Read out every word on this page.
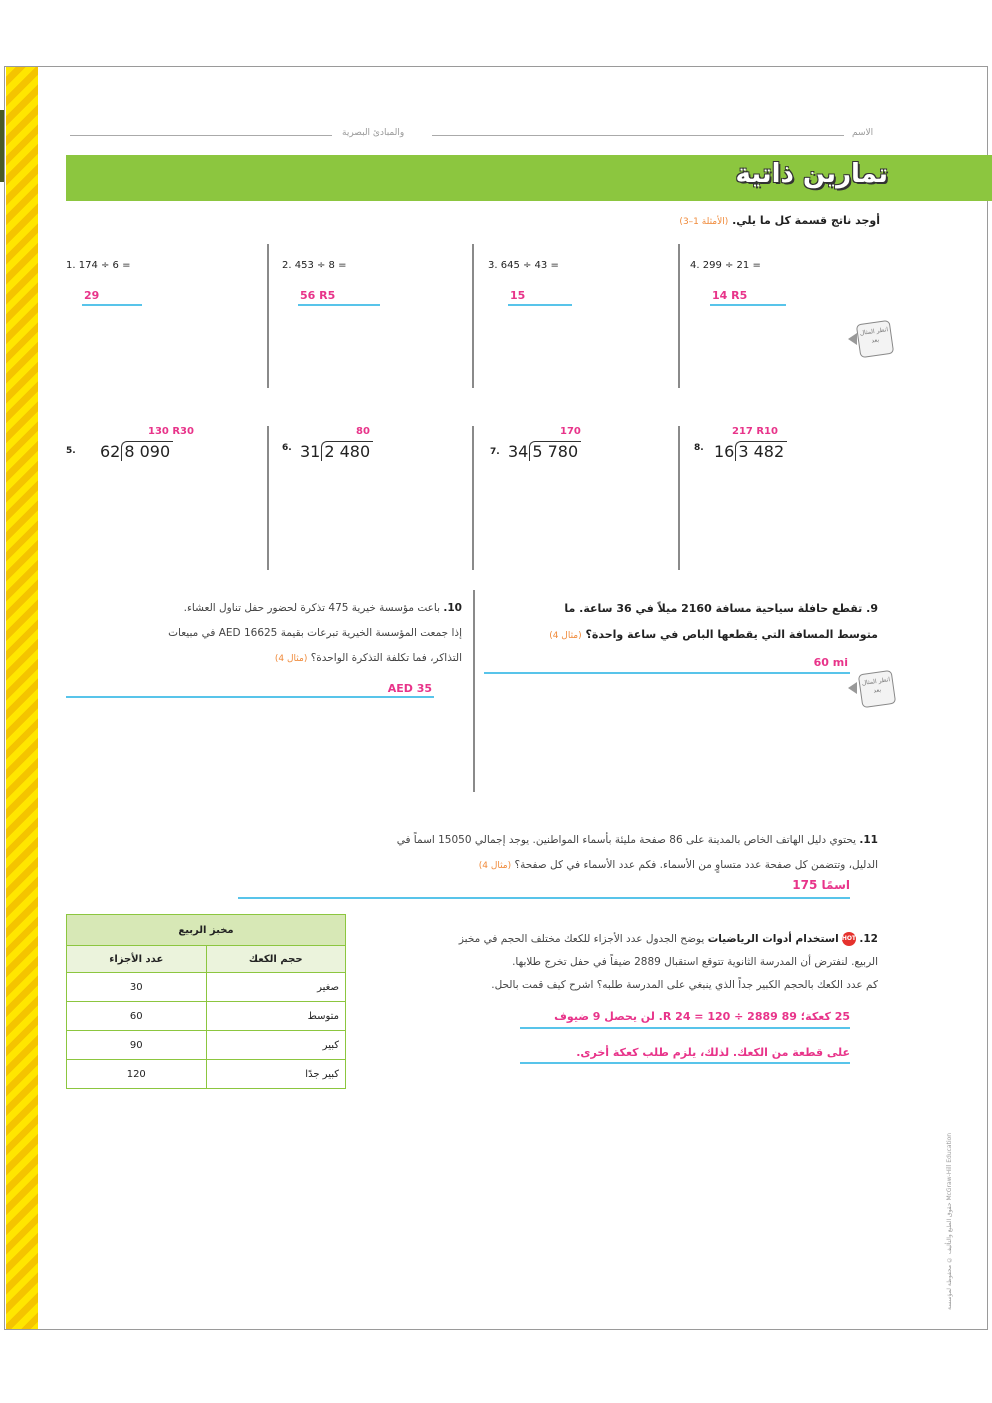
والمبادئ البصرية	الاسم
تمارين ذاتية
أوجد ناتج قسمة كل ما يلي. (الأمثلة 1–3)
1. 174 ÷ 6 =
29
2. 453 ÷ 8 =
56 R5
3. 645 ÷ 43 =
15
4. 299 ÷ 21 =
14 R5
انظر المثال بعد
130 R30
5. 62 8 090
80
6. 31 2 480
170
7. 34 5 780
217 R10
8. 16 3 482
9. تقطع حافلة سياحية مسافة 2160 ميلاً في 36 ساعة. ما
متوسط المسافة التي يقطعها الباص في ساعة واحدة؟ (مثال 4)
60 mi
انظر المثال بعد
10. باعت مؤسسة خيرية 475 تذكرة لحضور حفل تناول العشاء.
إذا جمعت المؤسسة الخيرية تبرعات بقيمة AED 16625 في مبيعات
التذاكر، فما تكلفة التذكرة الواحدة؟ (مثال 4)
AED 35
11. يحتوي دليل الهاتف الخاص بالمدينة على 86 صفحة مليئة بأسماء المواطنين. يوجد إجمالي 15050 اسماً في
الدليل، وتتضمن كل صفحة عدد متساوٍ من الأسماء. فكم عدد الأسماء في كل صفحة؟ (مثال 4)
175 اسمًا
12. HOT استخدام أدوات الرياضيات يوضح الجدول عدد الأجزاء للكعك مختلف الحجم في مخبز
الربيع. لنفترض أن المدرسة الثانوية تتوقع استقبال 2889 ضيفاً في حفل تخرج طلابها.
كم عدد الكعك بالحجم الكبير جداً الذي ينبغي على المدرسة طلبه؟ اشرح كيف قمت بالحل.
25 كعكة؛ 89 R 24 = 120 ÷ 2889. لن يحصل 9 ضيوف
على قطعة من الكعك. لذلك، يلزم طلب كعكة أخرى.
مخبز الربيع	
عدد الأجزاء	حجم الكعك
30	صغير
60	متوسط
90	كبير
120	كبير جدًا
حقوق الطبع والتأليف © محفوظة لمؤسسة McGraw-Hill Education
